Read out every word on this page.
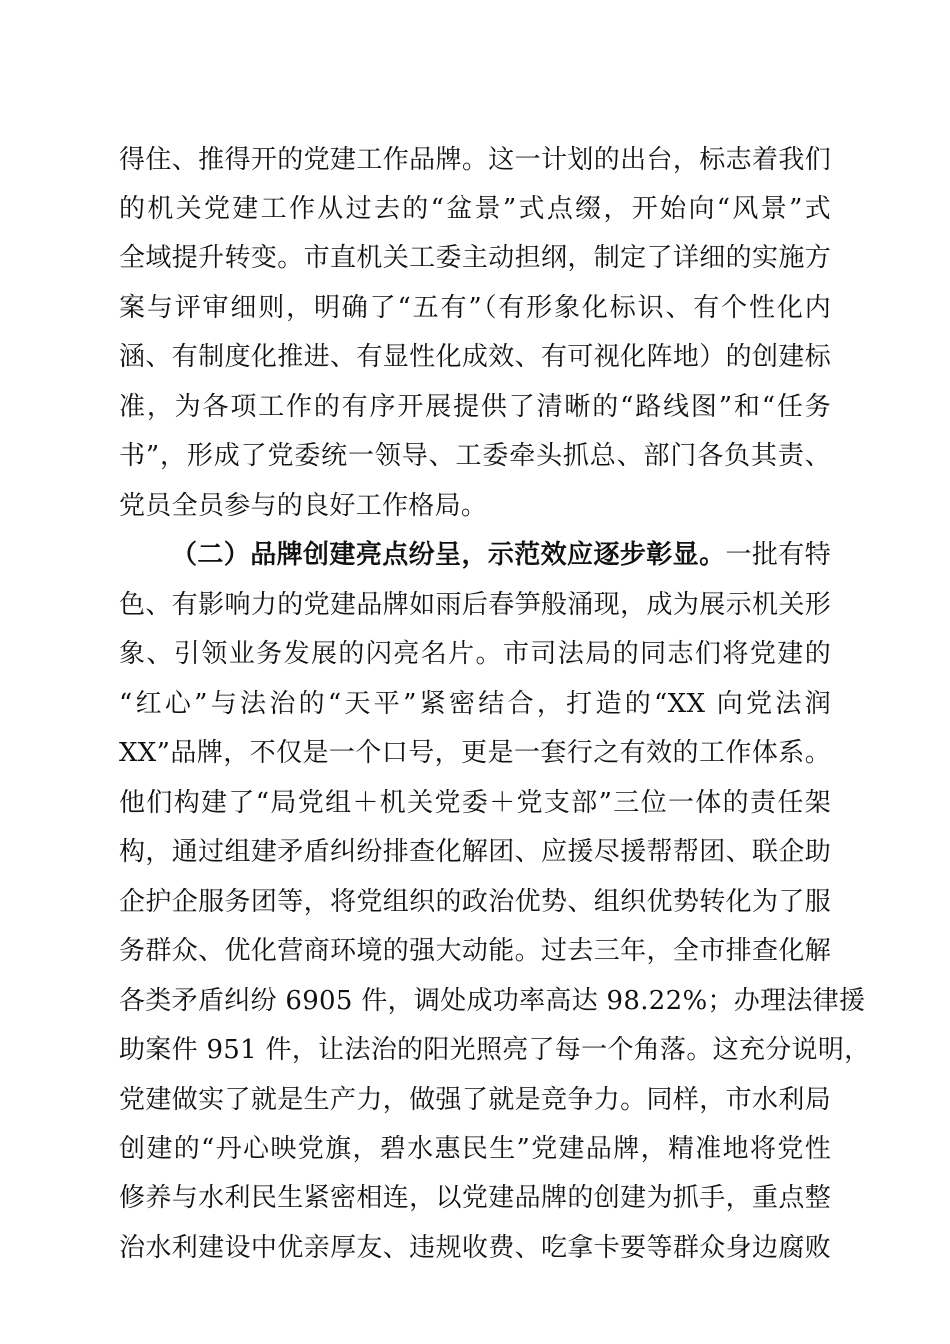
得住、推得开的党建工作品牌。这一计划的出台，标志着我们
的机关党建工作从过去的“盆景”式点缀，开始向“风景”式
全域提升转变。市直机关工委主动担纲，制定了详细的实施方
案与评审细则，明确了“五有”（有形象化标识、有个性化内
涵、有制度化推进、有显性化成效、有可视化阵地）的创建标
准，为各项工作的有序开展提供了清晰的“路线图”和“任务
书”，形成了党委统一领导、工委牵头抓总、部门各负其责、
党员全员参与的良好工作格局。
（二）品牌创建亮点纷呈，示范效应逐步彰显。一批有特
色、有影响力的党建品牌如雨后春笋般涌现，成为展示机关形
象、引领业务发展的闪亮名片。市司法局的同志们将党建的
“红心”与法治的“天平”紧密结合，打造的“XX 向党法润
XX”品牌，不仅是一个口号，更是一套行之有效的工作体系。
他们构建了“局党组＋机关党委＋党支部”三位一体的责任架
构，通过组建矛盾纠纷排查化解团、应援尽援帮帮团、联企助
企护企服务团等，将党组织的政治优势、组织优势转化为了服
务群众、优化营商环境的强大动能。过去三年，全市排查化解
各类矛盾纠纷 6905 件，调处成功率高达 98.22%；办理法律援
助案件 951 件，让法治的阳光照亮了每一个角落。这充分说明，
党建做实了就是生产力，做强了就是竞争力。同样，市水利局
创建的“丹心映党旗，碧水惠民生”党建品牌，精准地将党性
修养与水利民生紧密相连，以党建品牌的创建为抓手，重点整
治水利建设中优亲厚友、违规收费、吃拿卡要等群众身边腐败
